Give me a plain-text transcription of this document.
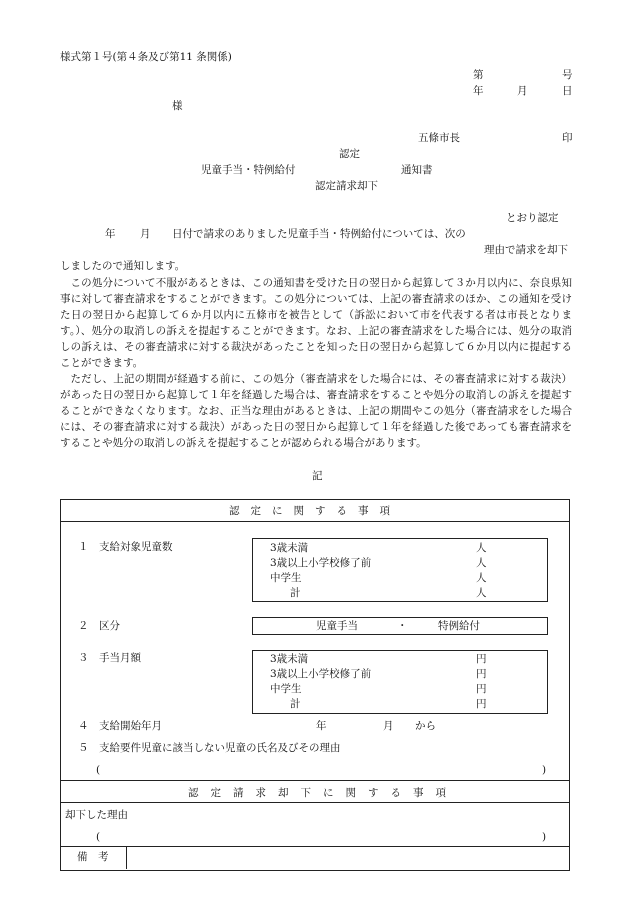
様式第１号(第４条及び第11 条関係)
第	号
年	月	日
様
五條市長	印
認定
児童手当・特例給付	通知書
認定請求却下
とおり認定
年 月 日付で請求のありました児童手当・特例給付については、次の
理由で請求を却下
しましたので通知します。
この処分について不服があるときは、この通知書を受けた日の翌日から起算して３か月以内に、奈良県知事に対して審査請求をすることができます。この処分については、上記の審査請求のほか、この通知を受けた日の翌日から起算して６か月以内に五條市を被告として（訴訟において市を代表する者は市長となります。）、処分の取消しの訴えを提起することができます。なお、上記の審査請求をした場合には、処分の取消しの訴えは、その審査請求に対する裁決があったことを知った日の翌日から起算して６か月以内に提起することができます。
ただし、上記の期間が経過する前に、この処分（審査請求をした場合には、その審査請求に対する裁決）があった日の翌日から起算して１年を経過した場合は、審査請求をすることや処分の取消しの訴えを提起することができなくなります。なお、正当な理由があるときは、上記の期間やこの処分（審査請求をした場合には、その審査請求に対する裁決）があった日の翌日から起算して１年を経過した後であっても審査請求をすることや処分の取消しの訴えを提起することが認められる場合があります。
記
認定に関する事項
１　支給対象児童数	3歳未満	人
3歳以上小学校修了前	人
中学生	人
計	人
２　区分	児童手当	・	特例給付
３　手当月額	3歳未満	円
3歳以上小学校修了前	円
中学生	円
計	円
４　支給開始年月	年	月 から
５　支給要件児童に該当しない児童の氏名及びその理由
(	)
認定請求却下に関する事項
却下した理由
(	)
備　考
